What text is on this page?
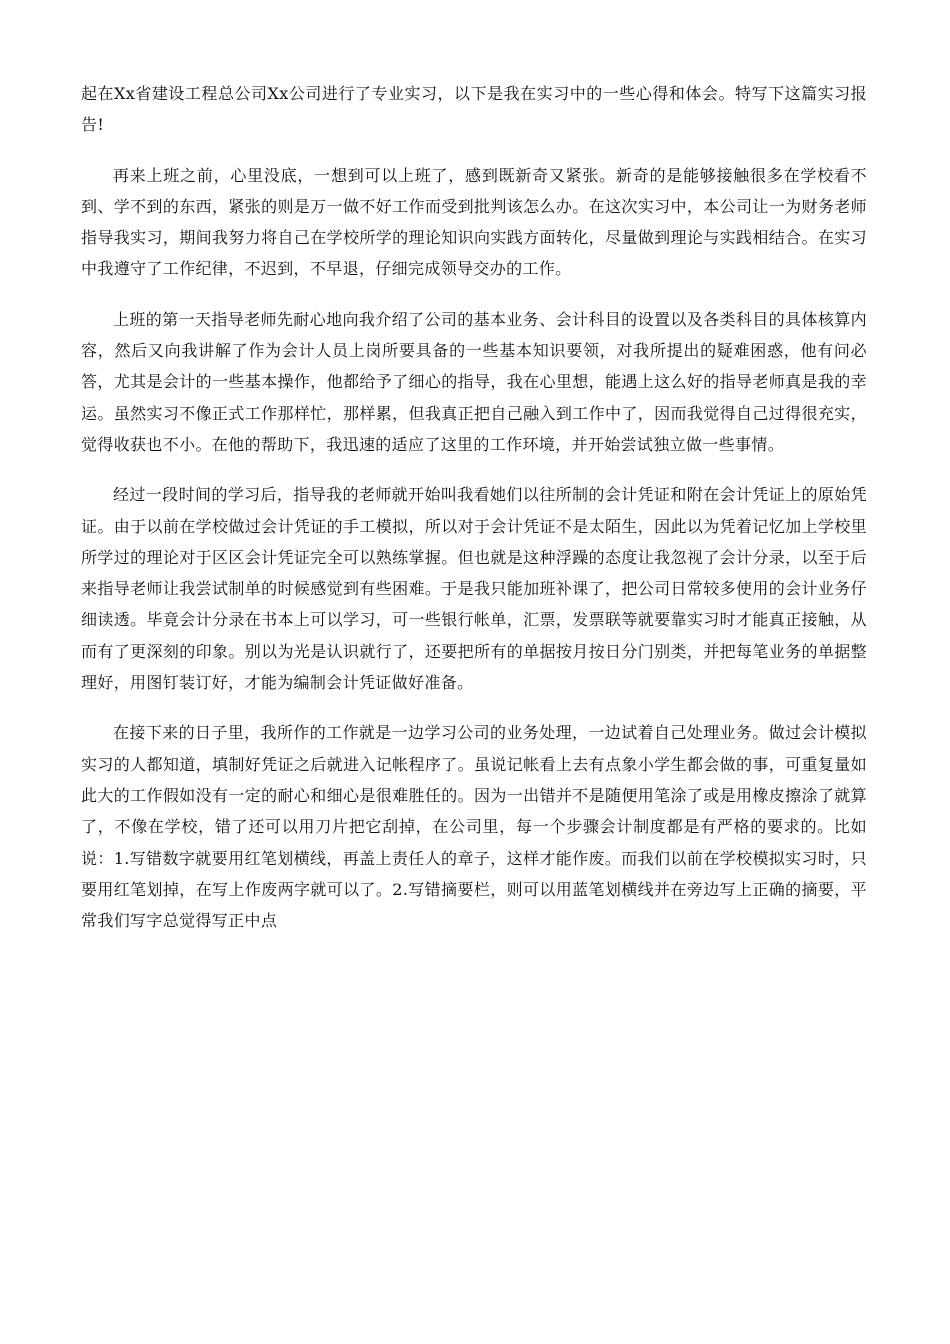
起在Xx省建设工程总公司Xx公司进行了专业实习，以下是我在实习中的一些心得和体会。特写下这篇实习报告!

再来上班之前，心里没底，一想到可以上班了，感到既新奇又紧张。新奇的是能够接触很多在学校看不到、学不到的东西，紧张的则是万一做不好工作而受到批判该怎么办。在这次实习中，本公司让一为财务老师指导我实习，期间我努力将自己在学校所学的理论知识向实践方面转化，尽量做到理论与实践相结合。在实习中我遵守了工作纪律，不迟到，不早退，仔细完成领导交办的工作。

上班的第一天指导老师先耐心地向我介绍了公司的基本业务、会计科目的设置以及各类科目的具体核算内容，然后又向我讲解了作为会计人员上岗所要具备的一些基本知识要领，对我所提出的疑难困惑，他有问必答，尤其是会计的一些基本操作，他都给予了细心的指导，我在心里想，能遇上这么好的指导老师真是我的幸运。虽然实习不像正式工作那样忙，那样累，但我真正把自己融入到工作中了，因而我觉得自己过得很充实，觉得收获也不小。在他的帮助下，我迅速的适应了这里的工作环境，并开始尝试独立做一些事情。

经过一段时间的学习后，指导我的老师就开始叫我看她们以往所制的会计凭证和附在会计凭证上的原始凭证。由于以前在学校做过会计凭证的手工模拟，所以对于会计凭证不是太陌生，因此以为凭着记忆加上学校里所学过的理论对于区区会计凭证完全可以熟练掌握。但也就是这种浮躁的态度让我忽视了会计分录，以至于后来指导老师让我尝试制单的时候感觉到有些困难。于是我只能加班补课了，把公司日常较多使用的会计业务仔细读透。毕竟会计分录在书本上可以学习，可一些银行帐单，汇票，发票联等就要靠实习时才能真正接触，从而有了更深刻的印象。别以为光是认识就行了，还要把所有的单据按月按日分门别类，并把每笔业务的单据整理好，用图钉装订好，才能为编制会计凭证做好准备。

在接下来的日子里，我所作的工作就是一边学习公司的业务处理，一边试着自己处理业务。做过会计模拟实习的人都知道，填制好凭证之后就进入记帐程序了。虽说记帐看上去有点象小学生都会做的事，可重复量如此大的工作假如没有一定的耐心和细心是很难胜任的。因为一出错并不是随便用笔涂了或是用橡皮擦涂了就算了，不像在学校，错了还可以用刀片把它刮掉，在公司里，每一个步骤会计制度都是有严格的要求的。比如说：1.写错数字就要用红笔划横线，再盖上责任人的章子，这样才能作废。而我们以前在学校模拟实习时，只要用红笔划掉，在写上作废两字就可以了。2.写错摘要栏，则可以用蓝笔划横线并在旁边写上正确的摘要，平常我们写字总觉得写正中点
